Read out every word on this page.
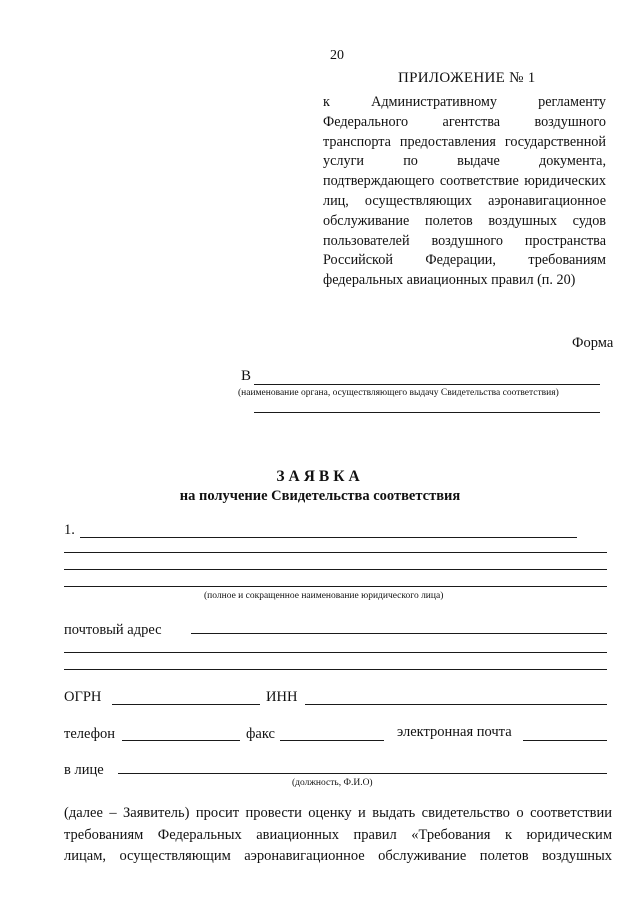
20
ПРИЛОЖЕНИЕ № 1
к Административному регламенту Федерального агентства воздушного транспорта предоставления государственной услуги по выдаче документа, подтверждающего соответствие юридических лиц, осуществляющих аэронавигационное обслуживание полетов воздушных судов пользователей воздушного пространства Российской Федерации, требованиям федеральных авиационных правил (п. 20)
Форма
В
(наименование органа, осуществляющего выдачу Свидетельства соответствия)
ЗАЯВКА
на получение Свидетельства соответствия
1.
(полное и сокращенное наименование юридического лица)
почтовый адрес
ОГРН	ИНН
телефон	факс	электронная почта
в лице
(должность, Ф.И.О)
(далее – Заявитель) просит провести оценку и выдать свидетельство о соответствии
требованиям Федеральных авиационных правил «Требования к юридическим
лицам, осуществляющим аэронавигационное обслуживание полетов воздушных
